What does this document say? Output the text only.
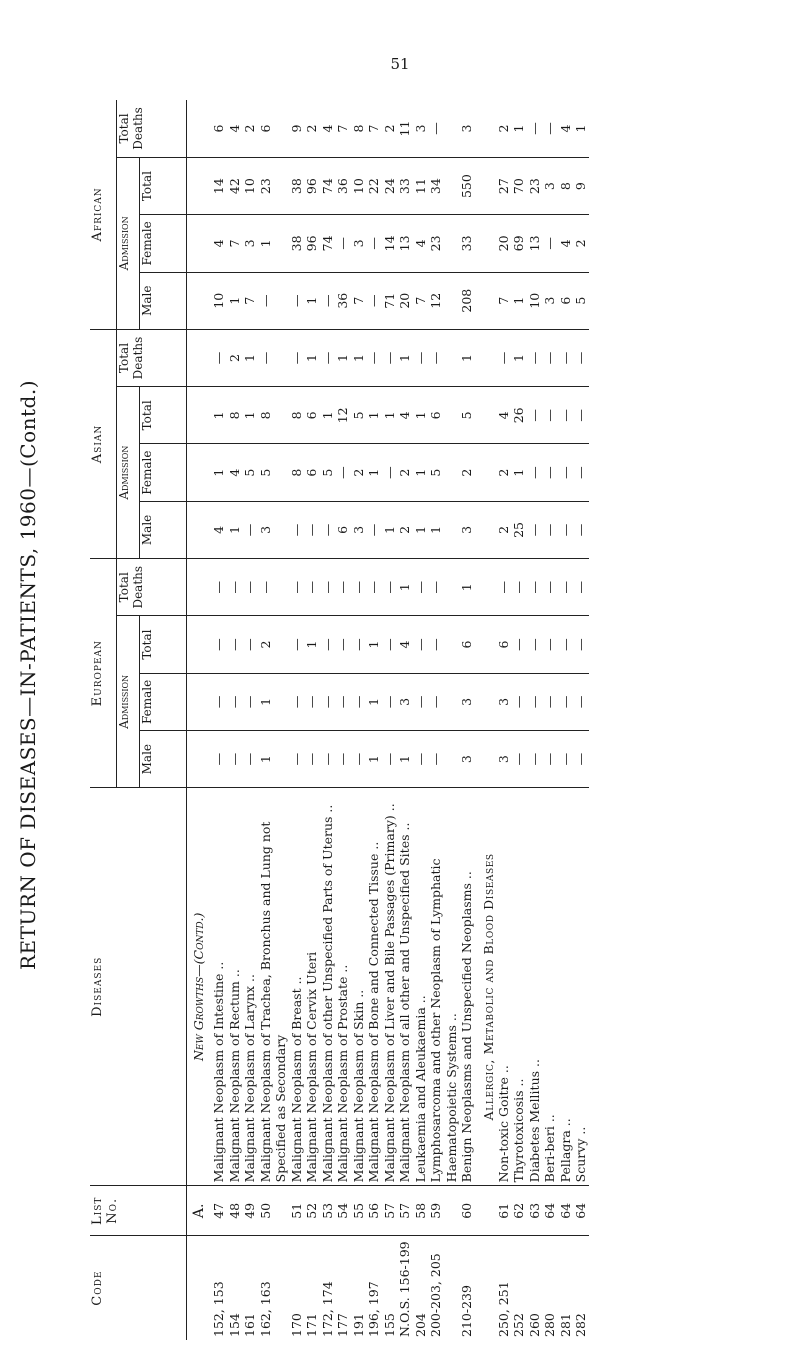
51
RETURN OF DISEASES—IN-PATIENTS, 1960—(Contd.)
Code	List No.	Diseases	European				Asian				African			
			Admission			Total Deaths	Admission			Total Deaths	Admission			Total Deaths
			Male	Female	Total		Male	Female	Total		Male	Female	Total	
	A.	New Growths—(Contd.)												
152, 153	47	Malignant Neoplasm of Intestine ..	—	—	—	—	4	1	1	—	10	4	14	6
154	48	Malignant Neoplasm of Rectum ..	—	—	—	—	1	4	8	2	1	7	42	4
161	49	Malignant Neoplasm of Larynx ..	—	—	—	—	—	5	1	1	7	3	10	2
162, 163	50	Malignant Neoplasm of Trachea, Bronchus and Lung not Specified as Secondary	1	1	2	—	3	5	8	—	—	1	23	6
170	51	Malignant Neoplasm of Breast ..	—	—	—	—	—	8	8	—	—	38	38	9
171	52	Malignant Neoplasm of Cervix Uteri	—	—	1	—	—	6	6	1	1	96	96	2
172, 174	53	Malignant Neoplasm of other Unspecified Parts of Uterus ..	—	—	—	—	—	5	1	—	—	74	74	4
177	54	Malignant Neoplasm of Prostate ..	—	—	—	—	6	—	12	1	36	—	36	7
191	55	Malignant Neoplasm of Skin ..	—	—	—	—	3	2	5	1	7	3	10	8
196, 197	56	Malignant Neoplasm of Bone and Connected Tissue ..	1	1	1	—	—	1	1	—	—	—	22	7
155	57	Malignant Neoplasm of Liver and Bile Passages (Primary) ..	—	—	—	—	1	—	1	—	71	14	24	2
N.O.S. 156-199	57	Malignant Neoplasm of all other and Unspecified Sites ..	1	3	4	1	2	2	4	1	20	13	33	11
204	58	Leukaemia and Aleukaemia ..	—	—	—	—	1	1	1	—	7	4	11	3
200-203, 205	59	Lymphosarcoma and other Neoplasm of Lymphatic Haematopoietic Systems ..	—	—	—	—	1	5	6	—	12	23	34	—
210-239	60	Benign Neoplasms and Unspecified Neoplasms ..	3	3	6	1	3	2	5	1	208	33	550	3
		Allergic, Metabolic and Blood Diseases												
250, 251	61	Non-toxic Goitre ..	3	3	6	—	2	2	4	—	7	20	27	2
252	62	Thyrotoxicosis ..	—	—	—	—	25	1	26	1	1	69	70	1
260	63	Diabetes Mellitus ..	—	—	—	—	—	—	—	—	10	13	23	—
280	64	Beri-beri ..	—	—	—	—	—	—	—	—	3	—	3	—
281	64	Pellagra ..	—	—	—	—	—	—	—	—	6	4	8	4
282	64	Scurvy ..	—	—	—	—	—	—	—	—	5	2	9	1
